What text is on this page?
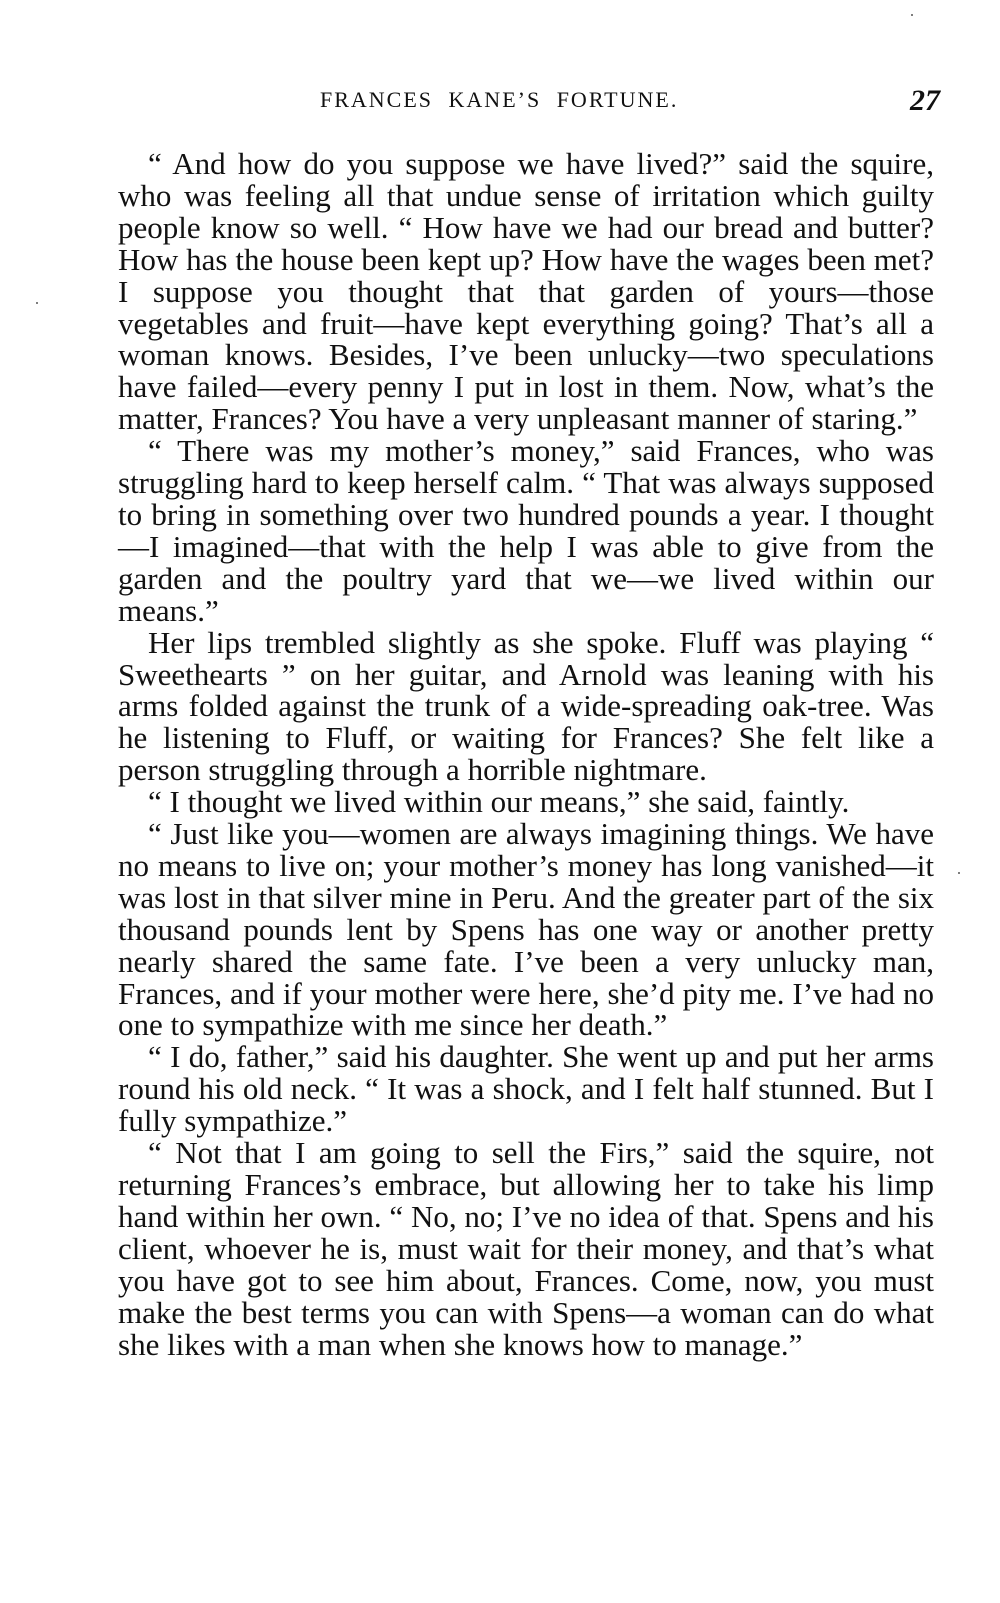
FRANCES KANE’S FORTUNE.	27

“ And how do you suppose we have lived?” said the squire, who was feeling all that undue sense of irritation which guilty people know so well. “ How have we had our bread and butter? How has the house been kept up? How have the wages been met? I suppose you thought that that garden of yours—those vegetables and fruit—have kept everything going? That’s all a woman knows. Besides, I’ve been unlucky—two speculations have failed—every penny I put in lost in them. Now, what’s the matter, Frances? You have a very unpleasant manner of staring.”

“ There was my mother’s money,” said Frances, who was struggling hard to keep herself calm. “ That was always supposed to bring in something over two hundred pounds a year. I thought—I imagined—that with the help I was able to give from the garden and the poultry yard that we—we lived within our means.”

Her lips trembled slightly as she spoke. Fluff was playing “ Sweethearts ” on her guitar, and Arnold was leaning with his arms folded against the trunk of a wide-spreading oak-tree. Was he listening to Fluff, or waiting for Frances? She felt like a person struggling through a horrible nightmare.

“ I thought we lived within our means,” she said, faintly.

“ Just like you—women are always imagining things. We have no means to live on; your mother’s money has long vanished—it was lost in that silver mine in Peru. And the greater part of the six thousand pounds lent by Spens has one way or another pretty nearly shared the same fate. I’ve been a very unlucky man, Frances, and if your mother were here, she’d pity me. I’ve had no one to sympathize with me since her death.”

“ I do, father,” said his daughter. She went up and put her arms round his old neck. “ It was a shock, and I felt half stunned. But I fully sympathize.”

“ Not that I am going to sell the Firs,” said the squire, not returning Frances’s embrace, but allowing her to take his limp hand within her own. “ No, no; I’ve no idea of that. Spens and his client, whoever he is, must wait for their money, and that’s what you have got to see him about, Frances. Come, now, you must make the best terms you can with Spens—a woman can do what she likes with a man when she knows how to manage.”
